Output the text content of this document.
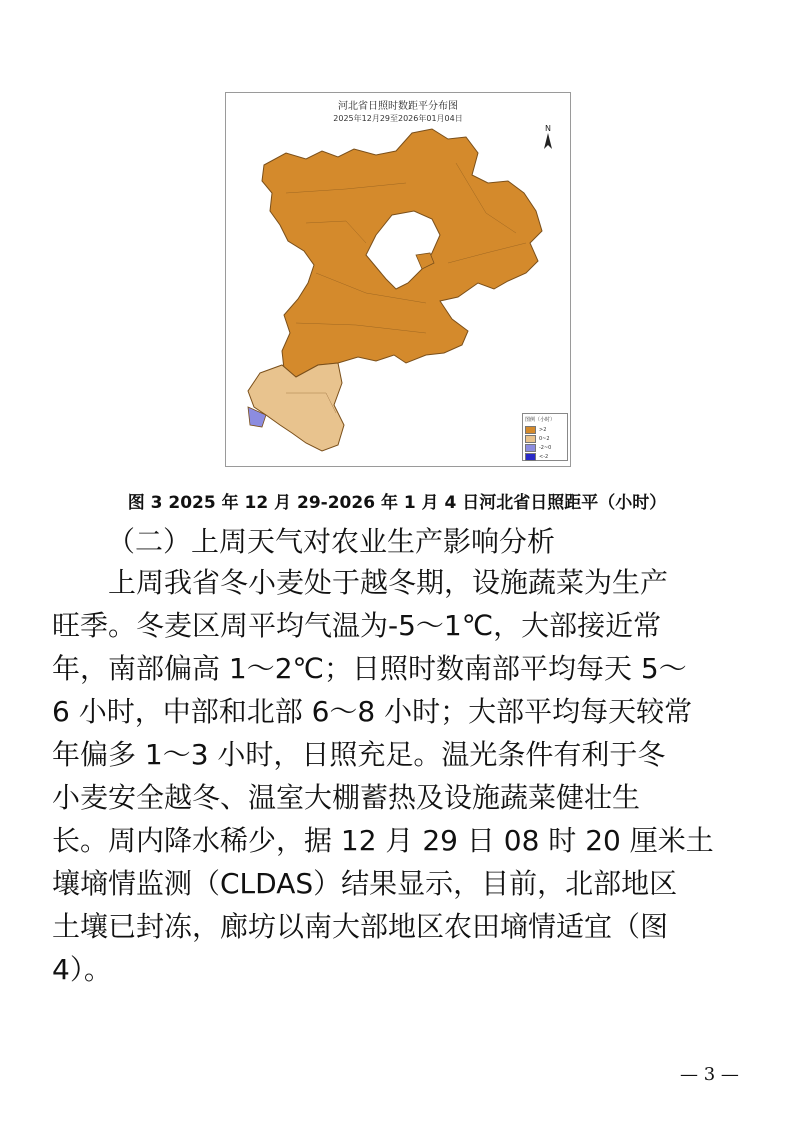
河北省日照时数距平分布图
2025年12月29至2026年01月04日
N
图例（小时）
>2
0~2
-2~0
<-2
图 3 2025 年 12 月 29-2026 年 1 月 4 日河北省日照距平（小时）
（二）上周天气对农业生产影响分析
上周我省冬小麦处于越冬期，设施蔬菜为生产
旺季。冬麦区周平均气温为-5～1℃，大部接近常
年，南部偏高 1～2℃；日照时数南部平均每天 5～
6 小时，中部和北部 6～8 小时；大部平均每天较常
年偏多 1～3 小时，日照充足。温光条件有利于冬
小麦安全越冬、温室大棚蓄热及设施蔬菜健壮生
长。周内降水稀少，据 12 月 29 日 08 时 20 厘米土
壤墒情监测（CLDAS）结果显示，目前，北部地区
土壤已封冻，廊坊以南大部地区农田墒情适宜（图
4）。
— 3 —
